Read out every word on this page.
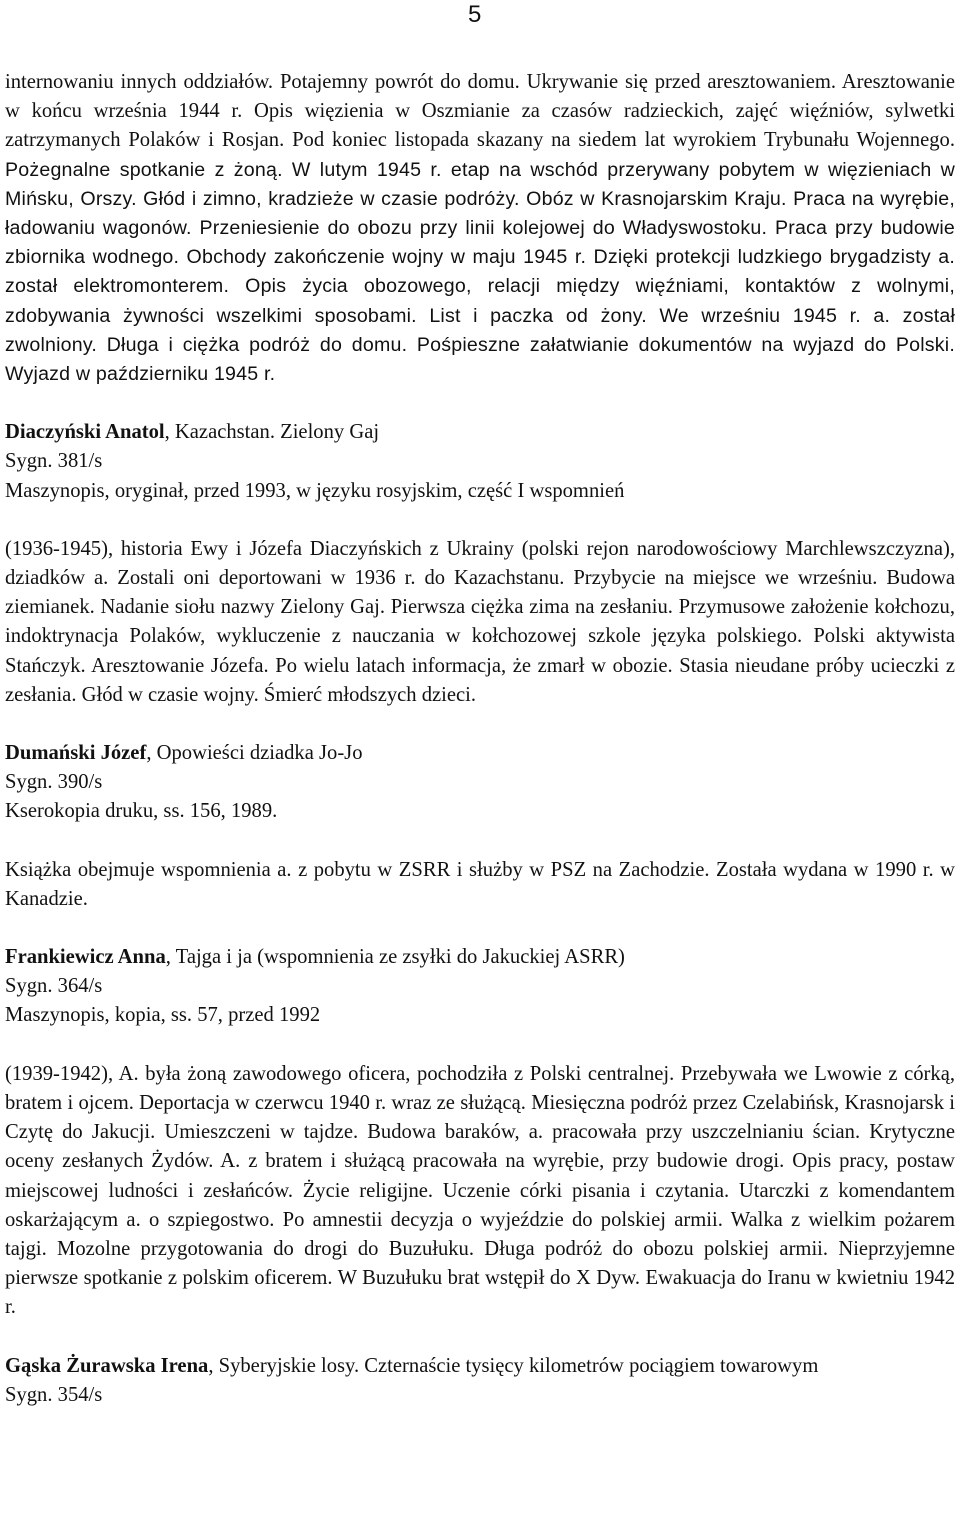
5

internowaniu innych oddziałów. Potajemny powrót do domu. Ukrywanie się przed aresztowaniem. Aresztowanie w końcu września 1944 r. Opis więzienia w Oszmianie za czasów radzieckich, zajęć więźniów, sylwetki zatrzymanych Polaków i Rosjan. Pod koniec listopada skazany na siedem lat wyrokiem Trybunału Wojennego. Pożegnalne spotkanie z żoną. W lutym 1945 r. etap na wschód przerywany pobytem w więzieniach w Mińsku, Orszy. Głód i zimno, kradzieże w czasie podróży. Obóz w Krasnojarskim Kraju. Praca na wyrębie, ładowaniu wagonów. Przeniesienie do obozu przy linii kolejowej do Władyswostoku. Praca przy budowie zbiornika wodnego. Obchody zakończenie wojny w maju 1945 r. Dzięki protekcji ludzkiego brygadzisty a. został elektromonterem. Opis życia obozowego, relacji między więźniami, kontaktów z wolnymi, zdobywania żywności wszelkimi sposobami. List i paczka od żony. We wrześniu 1945 r. a. został zwolniony. Długa i ciężka podróż do domu. Pośpieszne załatwianie dokumentów na wyjazd do Polski. Wyjazd w październiku 1945 r.

Diaczyński Anatol, Kazachstan. Zielony Gaj
Sygn. 381/s
Maszynopis, oryginał, przed 1993, w języku rosyjskim, część I wspomnień

(1936-1945), historia Ewy i Józefa Diaczyńskich z Ukrainy (polski rejon narodowościowy Marchlewszczyzna), dziadków a. Zostali oni deportowani w 1936 r. do Kazachstanu. Przybycie na miejsce we wrześniu. Budowa ziemianek. Nadanie siołu nazwy Zielony Gaj. Pierwsza ciężka zima na zesłaniu. Przymusowe założenie kołchozu, indoktrynacja Polaków, wykluczenie z nauczania w kołchozowej szkole języka polskiego. Polski aktywista Stańczyk. Aresztowanie Józefa. Po wielu latach informacja, że zmarł w obozie. Stasia nieudane próby ucieczki z zesłania. Głód w czasie wojny. Śmierć młodszych dzieci.

Dumański Józef, Opowieści dziadka Jo-Jo
Sygn. 390/s
Kserokopia druku, ss. 156, 1989.

Książka obejmuje wspomnienia a. z pobytu w ZSRR i służby w PSZ na Zachodzie. Została wydana w 1990 r. w Kanadzie.

Frankiewicz Anna, Tajga i ja (wspomnienia ze zsyłki do Jakuckiej ASRR)
Sygn. 364/s
Maszynopis, kopia, ss. 57, przed 1992

(1939-1942), A. była żoną zawodowego oficera, pochodziła z Polski centralnej. Przebywała we Lwowie z córką, bratem i ojcem. Deportacja w czerwcu 1940 r. wraz ze służącą. Miesięczna podróż przez Czelabińsk, Krasnojarsk i Czytę do Jakucji. Umieszczeni w tajdze. Budowa baraków, a. pracowała przy uszczelnianiu ścian. Krytyczne oceny zesłanych Żydów. A. z bratem i służącą pracowała na wyrębie, przy budowie drogi. Opis pracy, postaw miejscowej ludności i zesłańców. Życie religijne. Uczenie córki pisania i czytania. Utarczki z komendantem oskarżającym a. o szpiegostwo. Po amnestii decyzja o wyjeździe do polskiej armii. Walka z wielkim pożarem tajgi. Mozolne przygotowania do drogi do Buzułuku. Długa podróż do obozu polskiej armii. Nieprzyjemne pierwsze spotkanie z polskim oficerem. W Buzułuku brat wstępił do X Dyw. Ewakuacja do Iranu w kwietniu 1942 r.

Gąska Żurawska Irena, Syberyjskie losy. Czternaście tysięcy kilometrów pociągiem towarowym

Sygn. 354/s
